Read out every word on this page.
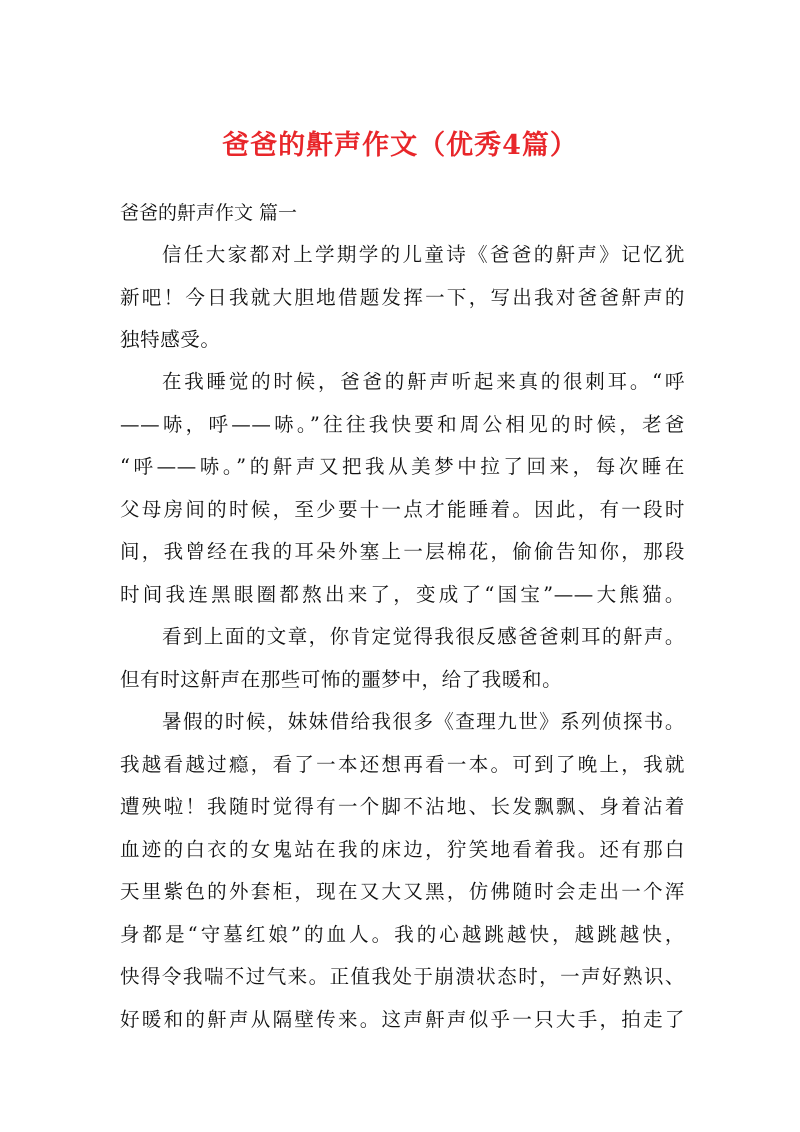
爸爸的鼾声作文（优秀4篇）
爸爸的鼾声作文 篇一
信任大家都对上学期学的儿童诗《爸爸的鼾声》记忆犹
新吧！今日我就大胆地借题发挥一下，写出我对爸爸鼾声的
独特感受。
在我睡觉的时候，爸爸的鼾声听起来真的很刺耳。“呼
——哧，呼——哧。”往往我快要和周公相见的时候，老爸
“呼——哧。”的鼾声又把我从美梦中拉了回来，每次睡在
父母房间的时候，至少要十一点才能睡着。因此，有一段时
间，我曾经在我的耳朵外塞上一层棉花，偷偷告知你，那段
时间我连黑眼圈都熬出来了，变成了“国宝”——大熊猫。
看到上面的文章，你肯定觉得我很反感爸爸刺耳的鼾声。
但有时这鼾声在那些可怖的噩梦中，给了我暖和。
暑假的时候，妹妹借给我很多《查理九世》系列侦探书。
我越看越过瘾，看了一本还想再看一本。可到了晚上，我就
遭殃啦！我随时觉得有一个脚不沾地、长发飘飘、身着沾着
血迹的白衣的女鬼站在我的床边，狞笑地看着我。还有那白
天里紫色的外套柜，现在又大又黑，仿佛随时会走出一个浑
身都是“守墓红娘”的血人。我的心越跳越快，越跳越快，
快得令我喘不过气来。正值我处于崩溃状态时，一声好熟识、
好暖和的鼾声从隔壁传来。这声鼾声似乎一只大手，拍走了
